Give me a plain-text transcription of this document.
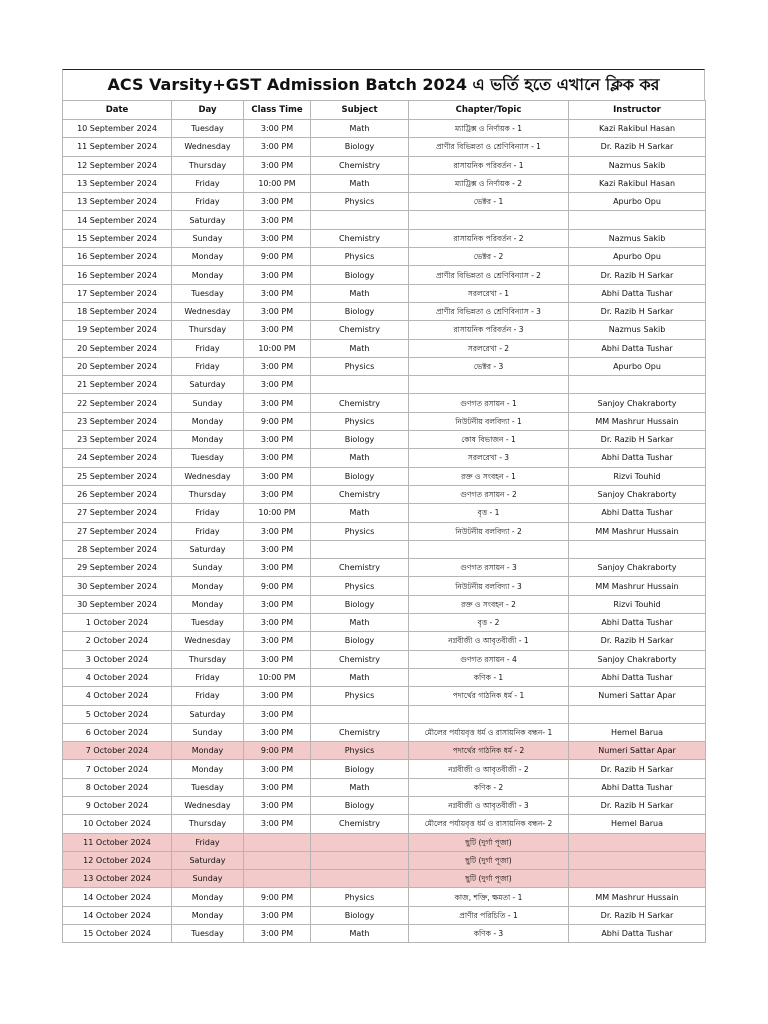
ACS Varsity+GST Admission Batch 2024 এ ভর্তি হতে এখানে ক্লিক কর
Date	Day	Class Time	Subject	Chapter/Topic	Instructor
10 September 2024	Tuesday	3:00 PM	Math	ম্যাট্রিক্স ও নির্ণায়ক - 1	Kazi Rakibul Hasan
11 September 2024	Wednesday	3:00 PM	Biology	প্রাণীর বিভিন্নতা ও শ্রেণিবিন্যাস - 1	Dr. Razib H Sarkar
12 September 2024	Thursday	3:00 PM	Chemistry	রাসায়নিক পরিবর্তন - 1	Nazmus Sakib
13 September 2024	Friday	10:00 PM	Math	ম্যাট্রিক্স ও নির্ণায়ক - 2	Kazi Rakibul Hasan
13 September 2024	Friday	3:00 PM	Physics	ভেক্টর - 1	Apurbo Opu
14 September 2024	Saturday	3:00 PM			
15 September 2024	Sunday	3:00 PM	Chemistry	রাসায়নিক পরিবর্তন - 2	Nazmus Sakib
16 September 2024	Monday	9:00 PM	Physics	ভেক্টর - 2	Apurbo Opu
16 September 2024	Monday	3:00 PM	Biology	প্রাণীর বিভিন্নতা ও শ্রেণিবিন্যাস - 2	Dr. Razib H Sarkar
17 September 2024	Tuesday	3:00 PM	Math	সরলরেখা - 1	Abhi Datta Tushar
18 September 2024	Wednesday	3:00 PM	Biology	প্রাণীর বিভিন্নতা ও শ্রেণিবিন্যাস - 3	Dr. Razib H Sarkar
19 September 2024	Thursday	3:00 PM	Chemistry	রাসায়নিক পরিবর্তন - 3	Nazmus Sakib
20 September 2024	Friday	10:00 PM	Math	সরলরেখা - 2	Abhi Datta Tushar
20 September 2024	Friday	3:00 PM	Physics	ভেক্টর - 3	Apurbo Opu
21 September 2024	Saturday	3:00 PM			
22 September 2024	Sunday	3:00 PM	Chemistry	গুণগত রসায়ন - 1	Sanjoy Chakraborty
23 September 2024	Monday	9:00 PM	Physics	নিউটনীয় বলবিদ্যা - 1	MM Mashrur Hussain
23 September 2024	Monday	3:00 PM	Biology	কোষ বিভাজন - 1	Dr. Razib H Sarkar
24 September 2024	Tuesday	3:00 PM	Math	সরলরেখা - 3	Abhi Datta Tushar
25 September 2024	Wednesday	3:00 PM	Biology	রক্ত ও সংবহন - 1	Rizvi Touhid
26 September 2024	Thursday	3:00 PM	Chemistry	গুণগত রসায়ন - 2	Sanjoy Chakraborty
27 September 2024	Friday	10:00 PM	Math	বৃত্ত - 1	Abhi Datta Tushar
27 September 2024	Friday	3:00 PM	Physics	নিউটনীয় বলবিদ্যা - 2	MM Mashrur Hussain
28 September 2024	Saturday	3:00 PM			
29 September 2024	Sunday	3:00 PM	Chemistry	গুণগত রসায়ন - 3	Sanjoy Chakraborty
30 September 2024	Monday	9:00 PM	Physics	নিউটনীয় বলবিদ্যা - 3	MM Mashrur Hussain
30 September 2024	Monday	3:00 PM	Biology	রক্ত ও সংবহন - 2	Rizvi Touhid
1 October 2024	Tuesday	3:00 PM	Math	বৃত্ত - 2	Abhi Datta Tushar
2 October 2024	Wednesday	3:00 PM	Biology	নগ্নবীজী ও আবৃতবীজী - 1	Dr. Razib H Sarkar
3 October 2024	Thursday	3:00 PM	Chemistry	গুণগত রসায়ন - 4	Sanjoy Chakraborty
4 October 2024	Friday	10:00 PM	Math	কণিক - 1	Abhi Datta Tushar
4 October 2024	Friday	3:00 PM	Physics	পদার্থের গাঠনিক ধর্ম - 1	Numeri Sattar Apar
5 October 2024	Saturday	3:00 PM			
6 October 2024	Sunday	3:00 PM	Chemistry	মৌলের পর্যায়বৃত্ত ধর্ম ও রাসায়নিক বন্ধন- 1	Hemel Barua
7 October 2024	Monday	9:00 PM	Physics	পদার্থের গাঠনিক ধর্ম - 2	Numeri Sattar Apar
7 October 2024	Monday	3:00 PM	Biology	নগ্নবীজী ও আবৃতবীজী - 2	Dr. Razib H Sarkar
8 October 2024	Tuesday	3:00 PM	Math	কণিক - 2	Abhi Datta Tushar
9 October 2024	Wednesday	3:00 PM	Biology	নগ্নবীজী ও আবৃতবীজী - 3	Dr. Razib H Sarkar
10 October 2024	Thursday	3:00 PM	Chemistry	মৌলের পর্যায়বৃত্ত ধর্ম ও রাসায়নিক বন্ধন- 2	Hemel Barua
11 October 2024	Friday			ছুটি (দুর্গা পূজা)	
12 October 2024	Saturday			ছুটি (দুর্গা পূজা)	
13 October 2024	Sunday			ছুটি (দুর্গা পূজা)	
14 October 2024	Monday	9:00 PM	Physics	কাজ, শক্তি, ক্ষমতা - 1	MM Mashrur Hussain
14 October 2024	Monday	3:00 PM	Biology	প্রাণীর পরিচিতি - 1	Dr. Razib H Sarkar
15 October 2024	Tuesday	3:00 PM	Math	কণিক - 3	Abhi Datta Tushar
